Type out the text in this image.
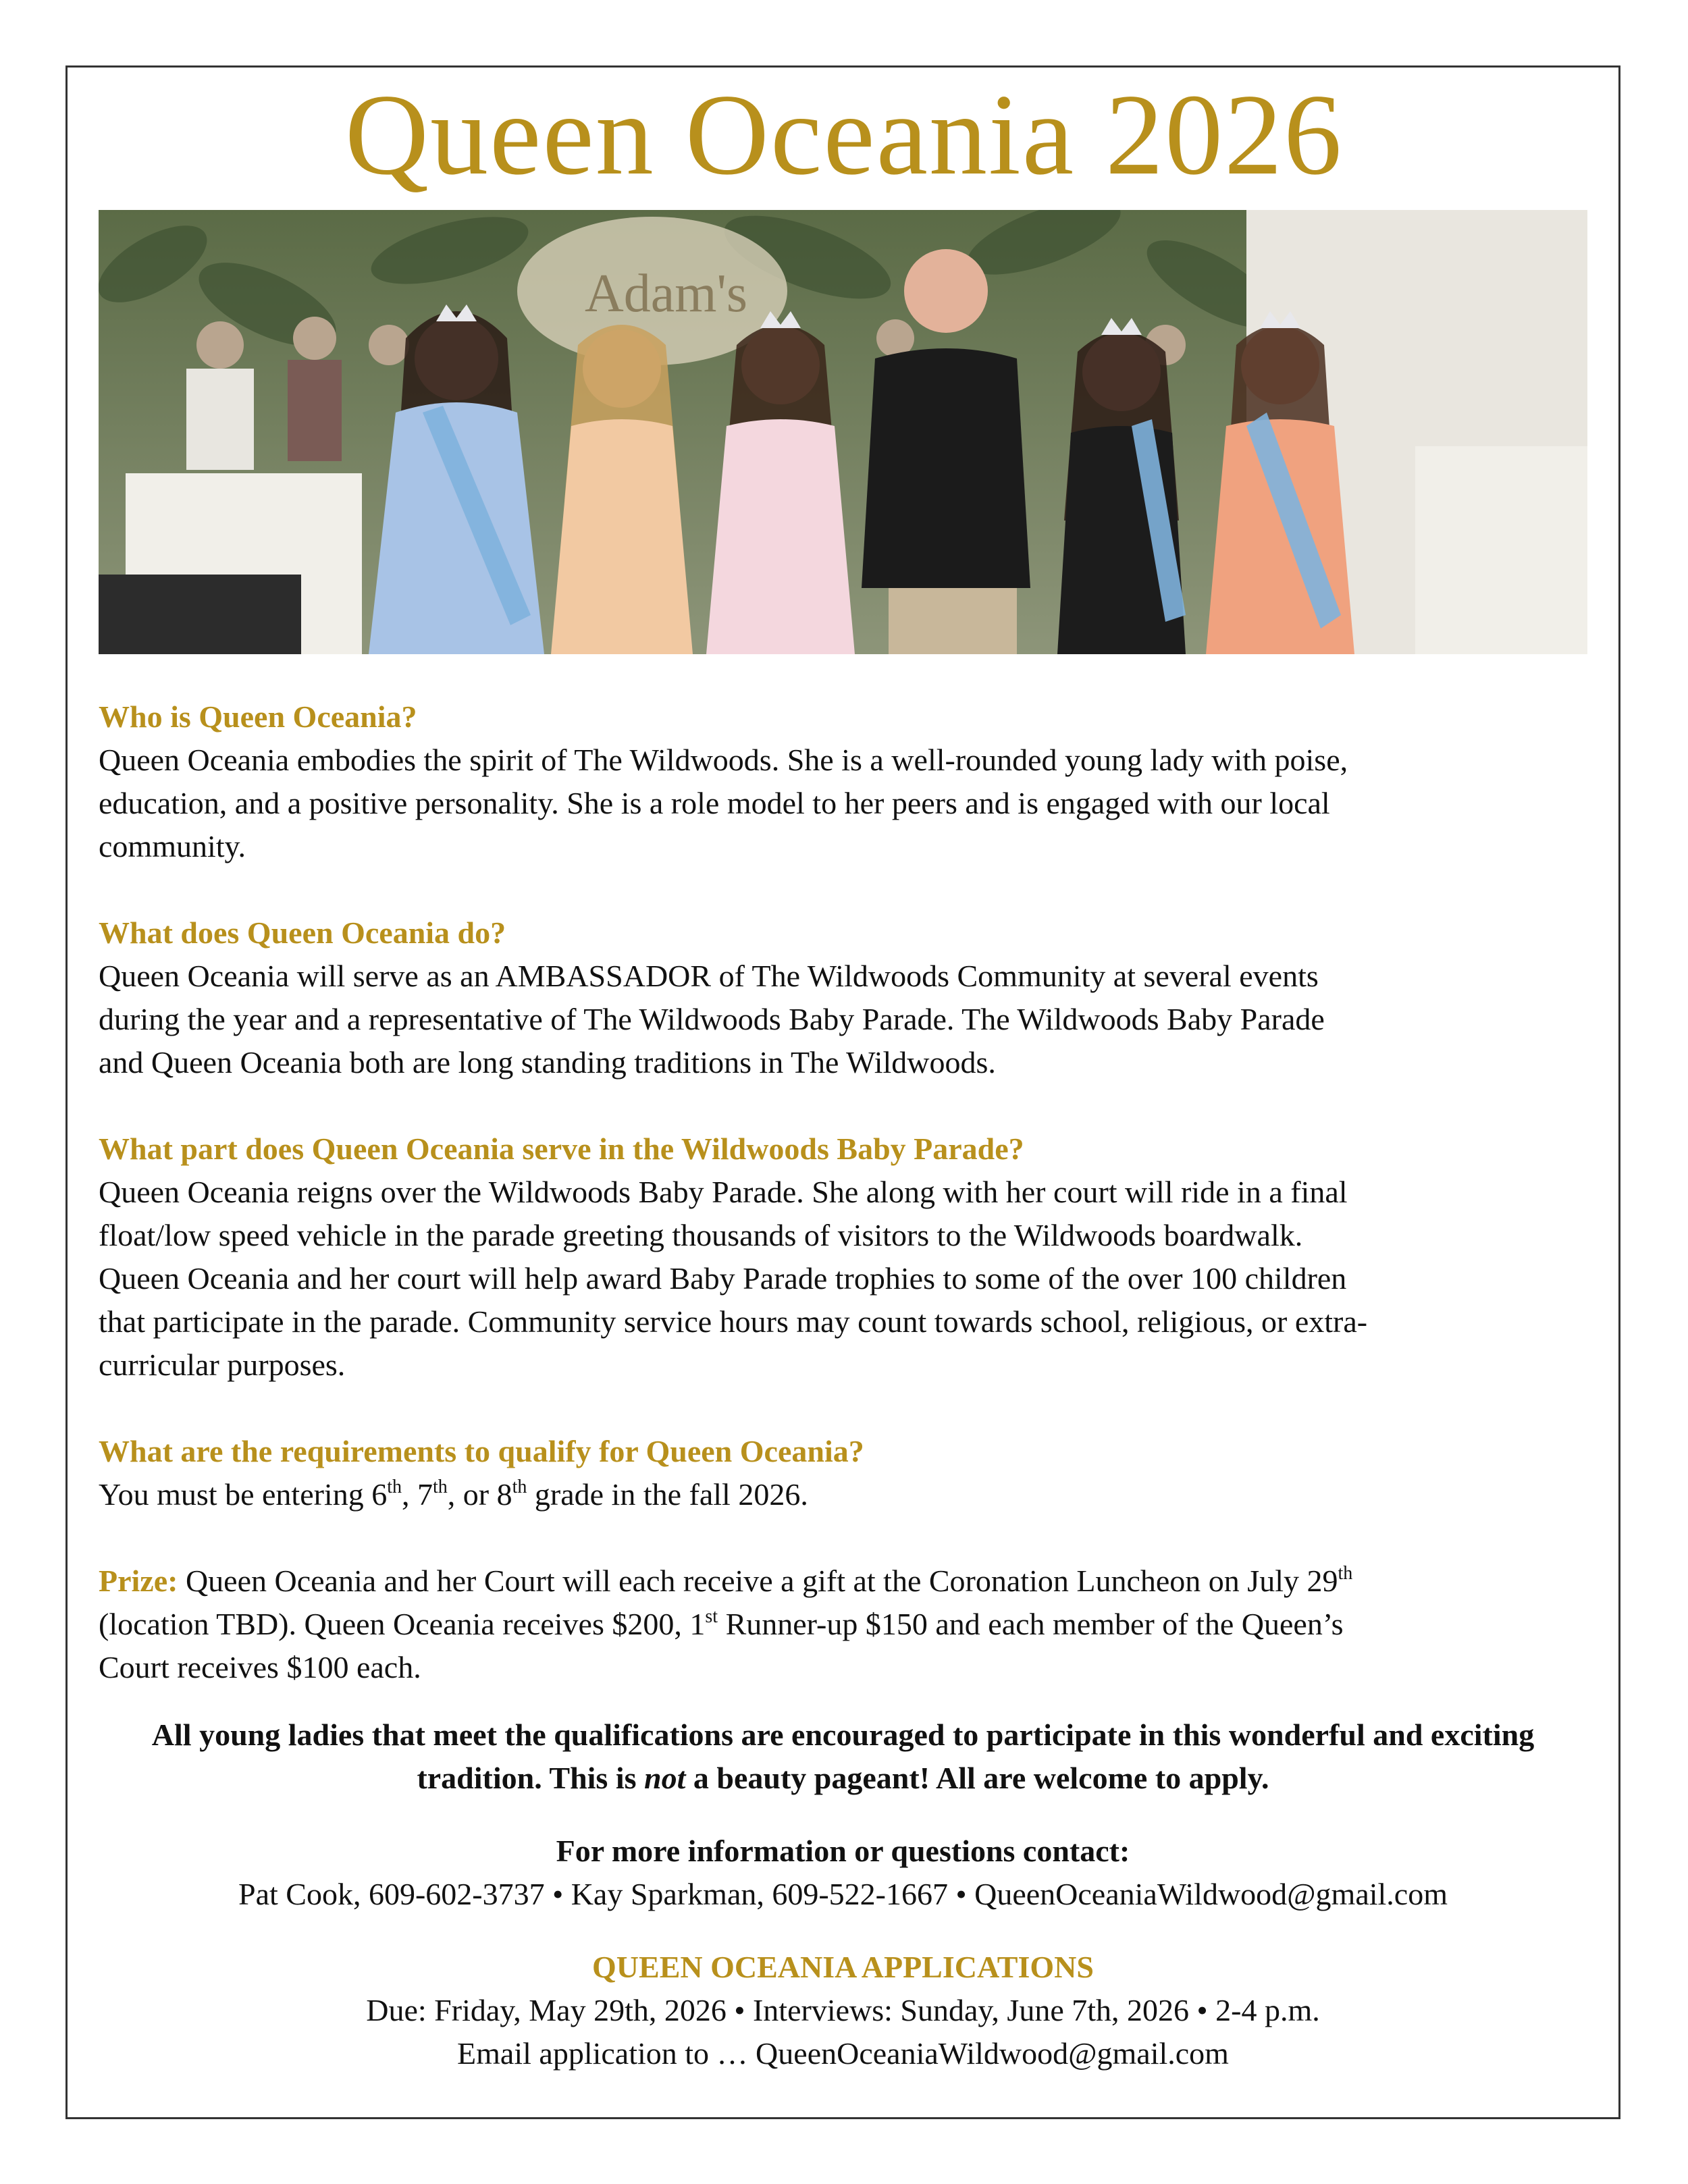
Queen Oceania 2026
Adam's
Who is Queen Oceania?

Queen Oceania embodies the spirit of The Wildwoods. She is a well-rounded young lady with poise,

education, and a positive personality. She is a role model to her peers and is engaged with our local

community.

What does Queen Oceania do?

Queen Oceania will serve as an AMBASSADOR of The Wildwoods Community at several events

during the year and a representative of The Wildwoods Baby Parade. The Wildwoods Baby Parade

and Queen Oceania both are long standing traditions in The Wildwoods.

What part does Queen Oceania serve in the Wildwoods Baby Parade?

Queen Oceania reigns over the Wildwoods Baby Parade. She along with her court will ride in a final

float/low speed vehicle in the parade greeting thousands of visitors to the Wildwoods boardwalk.

Queen Oceania and her court will help award Baby Parade trophies to some of the over 100 children

that participate in the parade. Community service hours may count towards school, religious, or extra-

curricular purposes.

What are the requirements to qualify for Queen Oceania?

You must be entering 6th, 7th, or 8th grade in the fall 2026.

Prize: Queen Oceania and her Court will each receive a gift at the Coronation Luncheon on July 29th

(location TBD). Queen Oceania receives $200, 1st Runner-up $150 and each member of the Queen’s

Court receives $100 each.

All young ladies that meet the qualifications are encouraged to participate in this wonderful and exciting

tradition. This is not a beauty pageant! All are welcome to apply.

For more information or questions contact:

Pat Cook, 609-602-3737 • Kay Sparkman, 609-522-1667 • QueenOceaniaWildwood@gmail.com

QUEEN OCEANIA APPLICATIONS

Due: Friday, May 29th, 2026 • Interviews: Sunday, June 7th, 2026 • 2-4 p.m.

Email application to … QueenOceaniaWildwood@gmail.com
